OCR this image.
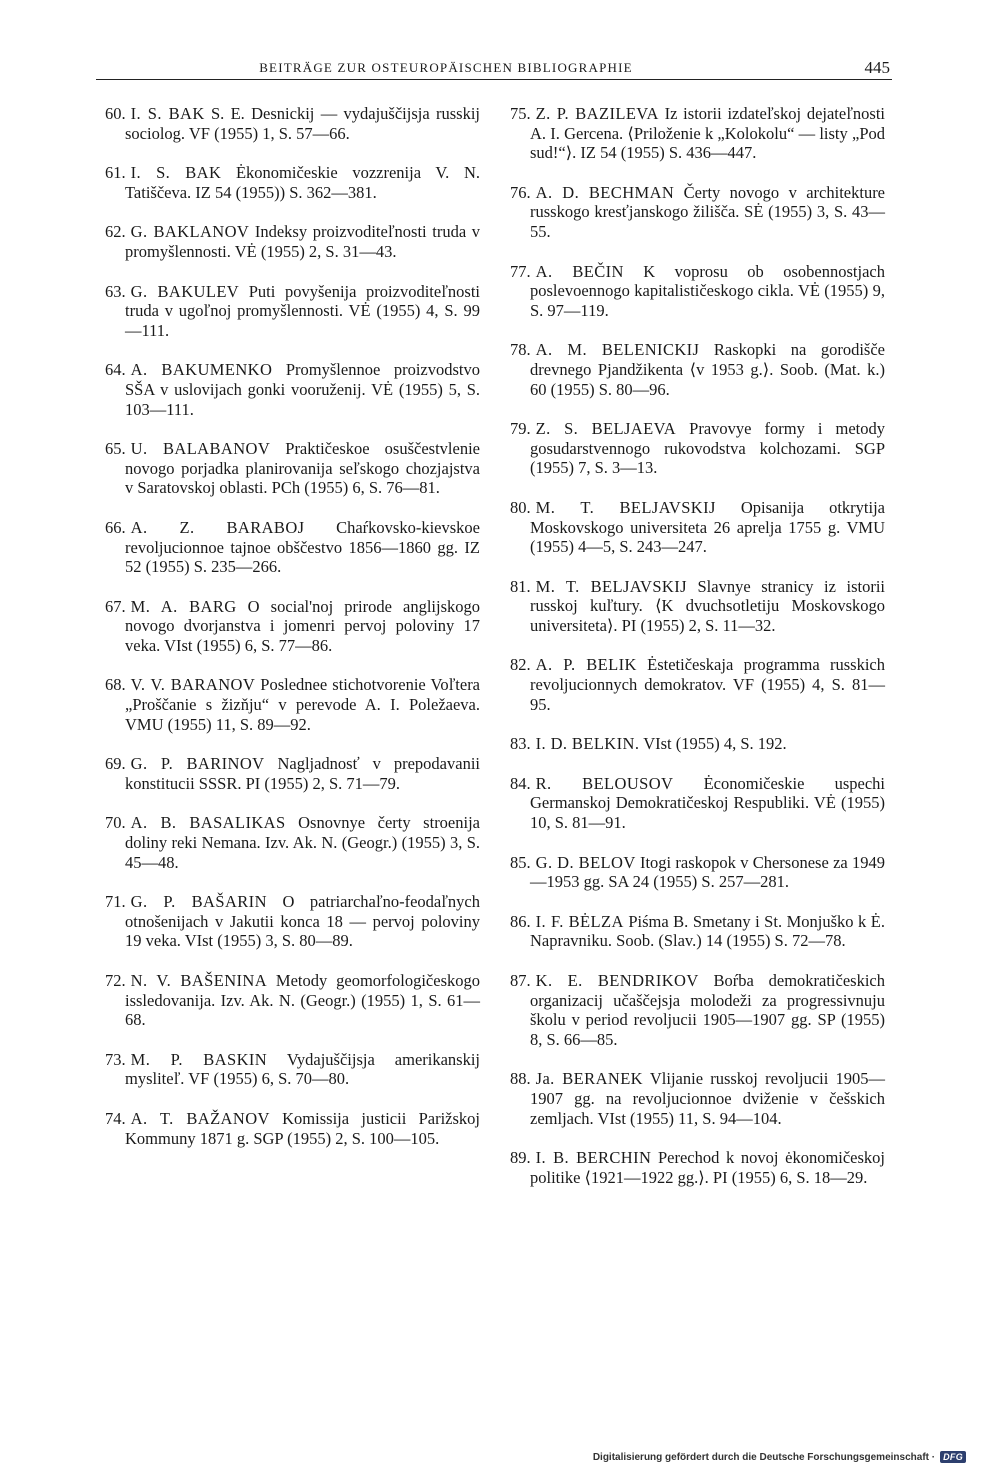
BEITRÄGE ZUR OSTEUROPÄISCHEN BIBLIOGRAPHIE	445

60. I. S. BAK S. E. Desnickij — vydajuščijsja russkij sociolog. VF (1955) 1, S. 57—66.

61. I. S. BAK Ėkonomičeskie vozzrenija V. N. Tatiščeva. IZ 54 (1955)) S. 362—381.

62. G. BAKLANOV Indeksy proizvoditeľnosti truda v promyšlennosti. VĖ (1955) 2, S. 31—43.

63. G. BAKULEV Puti povyšenija proizvoditeľnosti truda v ugoľnoj promyšlennosti. VĖ (1955) 4, S. 99—111.

64. A. BAKUMENKO Promyšlennoe proizvodstvo SŠA v uslovijach gonki vooruženij. VĖ (1955) 5, S. 103—111.

65. U. BALABANOV Praktičeskoe osuščestvlenie novogo porjadka planirovanija seľskogo chozjajstva v Saratovskoj oblasti. PCh (1955) 6, S. 76—81.

66. A. Z. BARABOJ Chaŕkovsko-kievskoe revoljucionnoe tajnoe obščestvo 1856—1860 gg. IZ 52 (1955) S. 235—266.

67. M. A. BARG O social'noj prirode anglijskogo novogo dvorjanstva i jomenri pervoj poloviny 17 veka. VIst (1955) 6, S. 77—86.

68. V. V. BARANOV Poslednee stichotvorenie Voľtera „Proščanie s žizňju“ v perevode A. I. Poležaeva. VMU (1955) 11, S. 89—92.

69. G. P. BARINOV Nagljadnosť v prepodavanii konstitucii SSSR. PI (1955) 2, S. 71—79.

70. A. B. BASALIKAS Osnovnye čerty stroenija doliny reki Nemana. Izv. Ak. N. (Geogr.) (1955) 3, S. 45—48.

71. G. P. BAŠARIN O patriarchaľno-feodaľnych otnošenijach v Jakutii konca 18 — pervoj poloviny 19 veka. VIst (1955) 3, S. 80—89.

72. N. V. BAŠENINA Metody geomorfologičeskogo issledovanija. Izv. Ak. N. (Geogr.) (1955) 1, S. 61—68.

73. M. P. BASKIN Vydajuščijsja amerikanskij mysliteľ. VF (1955) 6, S. 70—80.

74. A. T. BAŽANOV Komissija justicii Parižskoj Kommuny 1871 g. SGP (1955) 2, S. 100—105.

75. Z. P. BAZILEVA Iz istorii izdateľskoj dejateľnosti A. I. Gercena. ⟨Priloženie k „Kolokolu“ — listy „Pod sud!“⟩. IZ 54 (1955) S. 436—447.

76. A. D. BECHMAN Čerty novogo v architekture russkogo kresťjanskogo žilišča. SĖ (1955) 3, S. 43—55.

77. A. BEČIN K voprosu ob osobennostjach poslevoennogo kapitalističeskogo cikla. VĖ (1955) 9, S. 97—119.

78. A. M. BELENICKIJ Raskopki na gorodišče drevnego Pjandžikenta ⟨v 1953 g.⟩. Soob. (Mat. k.) 60 (1955) S. 80—96.

79. Z. S. BELJAEVA Pravovye formy i metody gosudarstvennogo rukovodstva kolchozami. SGP (1955) 7, S. 3—13.

80. M. T. BELJAVSKIJ Opisanija otkrytija Moskovskogo universiteta 26 aprelja 1755 g. VMU (1955) 4—5, S. 243—247.

81. M. T. BELJAVSKIJ Slavnye stranicy iz istorii russkoj kuľtury. ⟨K dvuchsotletiju Moskovskogo universiteta⟩. PI (1955) 2, S. 11—32.

82. A. P. BELIK Ėstetičeskaja programma russkich revoljucionnych demokratov. VF (1955) 4, S. 81—95.

83. I. D. BELKIN. VIst (1955) 4, S. 192.

84. R. BELOUSOV Ėconomičeskie uspechi Germanskoj Demokratičeskoj Respubliki. VĖ (1955) 10, S. 81—91.

85. G. D. BELOV Itogi raskopok v Chersonese za 1949—1953 gg. SA 24 (1955) S. 257—281.

86. I. F. BĖLZA Piśma B. Smetany i St. Monjuško k Ė. Napravniku. Soob. (Slav.) 14 (1955) S. 72—78.

87. K. E. BENDRIKOV Boŕba demokratičeskich organizacij učaščejsja molodeži za progressivnuju školu v period revoljucii 1905—1907 gg. SP (1955) 8, S. 66—85.

88. Ja. BERANEK Vlijanie russkoj revoljucii 1905—1907 gg. na revoljucionnoe dviženie v češskich zemljach. VIst (1955) 11, S. 94—104.

89. I. B. BERCHIN Perechod k novoj ėkonomičeskoj politike ⟨1921—1922 gg.⟩. PI (1955) 6, S. 18—29.

Digitalisierung gefördert durch die Deutsche Forschungsgemeinschaft · DFG
